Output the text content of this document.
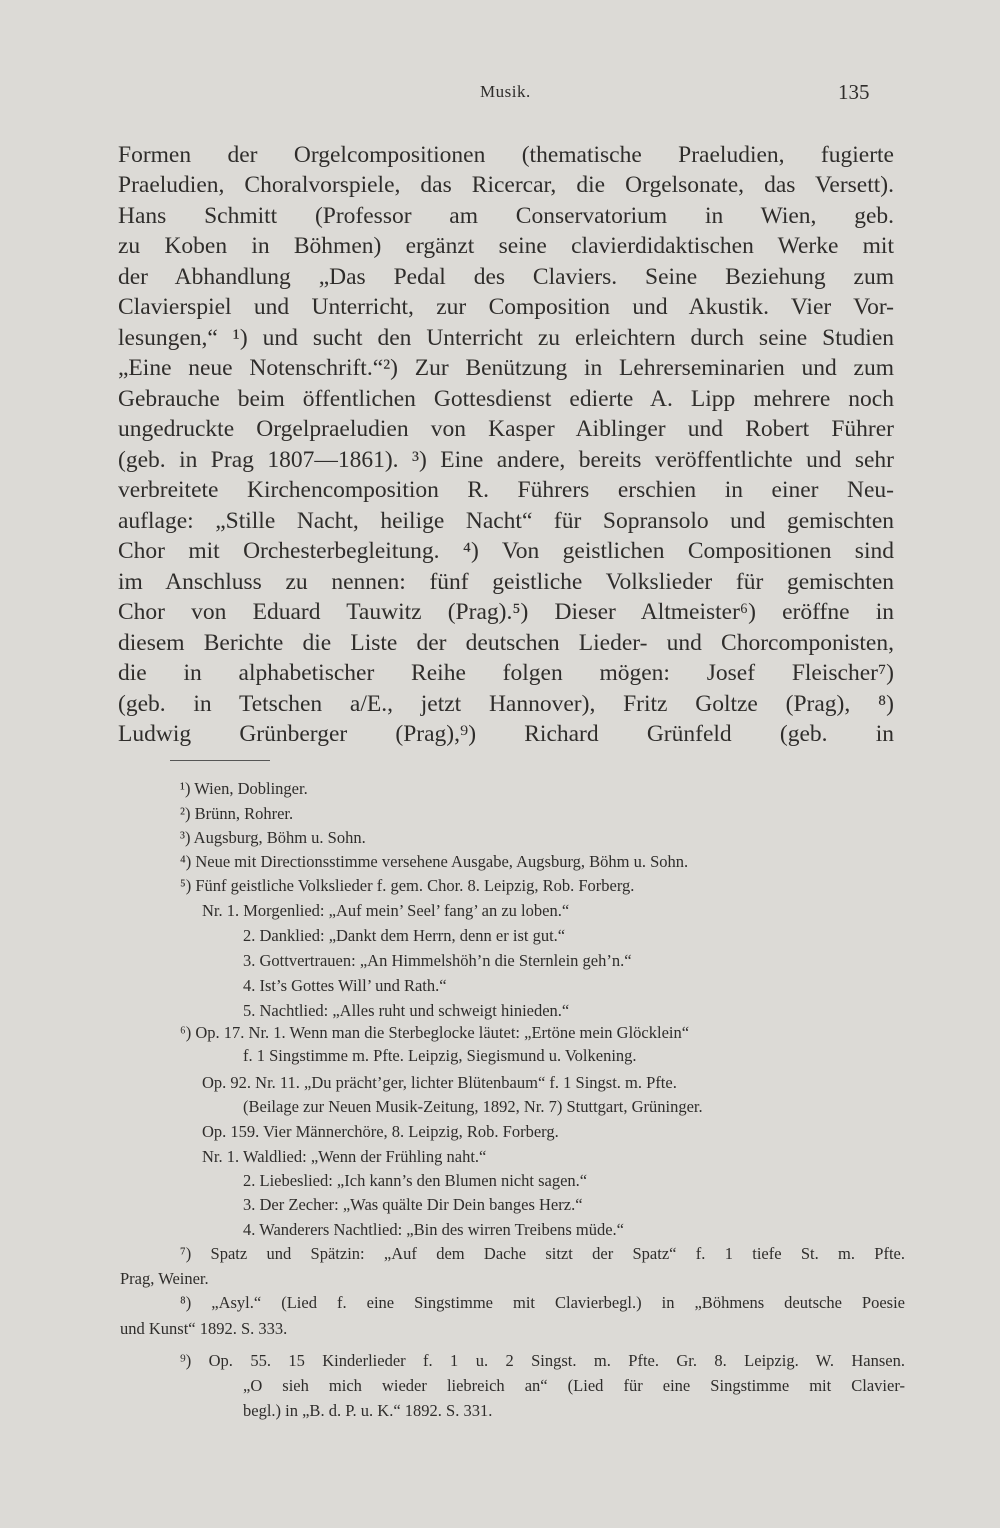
Musik.	135
Formen der Orgelcompositionen (thematische Praeludien, fugierte
Praeludien, Choralvorspiele, das Ricercar, die Orgelsonate, das Versett).
Hans Schmitt (Professor am Conservatorium in Wien, geb.
zu Koben in Böhmen) ergänzt seine clavierdidaktischen Werke mit
der Abhandlung „Das Pedal des Claviers. Seine Beziehung zum
Clavierspiel und Unterricht, zur Composition und Akustik. Vier Vor-
lesungen,“ ¹) und sucht den Unterricht zu erleichtern durch seine Studien
„Eine neue Notenschrift.“²) Zur Benützung in Lehrerseminarien und zum
Gebrauche beim öffentlichen Gottesdienst edierte A. Lipp mehrere noch
ungedruckte Orgelpraeludien von Kasper Aiblinger und Robert Führer
(geb. in Prag 1807—1861). ³) Eine andere, bereits veröffentlichte und sehr
verbreitete Kirchencomposition R. Führers erschien in einer Neu-
auflage: „Stille Nacht, heilige Nacht“ für Sopransolo und gemischten
Chor mit Orchesterbegleitung. ⁴) Von geistlichen Compositionen sind
im Anschluss zu nennen: fünf geistliche Volkslieder für gemischten
Chor von Eduard Tauwitz (Prag).⁵) Dieser Altmeister⁶) eröffne in
diesem Berichte die Liste der deutschen Lieder- und Chorcomponisten,
die in alphabetischer Reihe folgen mögen: Josef Fleischer⁷)
(geb. in Tetschen a/E., jetzt Hannover), Fritz Goltze (Prag), ⁸)
Ludwig Grünberger (Prag),⁹) Richard Grünfeld (geb. in
¹) Wien, Doblinger.
²) Brünn, Rohrer.
³) Augsburg, Böhm u. Sohn.
⁴) Neue mit Directionsstimme versehene Ausgabe, Augsburg, Böhm u. Sohn.
⁵) Fünf geistliche Volkslieder f. gem. Chor. 8. Leipzig, Rob. Forberg.
Nr. 1. Morgenlied: „Auf mein’ Seel’ fang’ an zu loben.“
2. Danklied: „Dankt dem Herrn, denn er ist gut.“
3. Gottvertrauen: „An Himmelshöh’n die Sternlein geh’n.“
4. Ist’s Gottes Will’ und Rath.“
5. Nachtlied: „Alles ruht und schweigt hinieden.“
⁶) Op. 17. Nr. 1. Wenn man die Sterbeglocke läutet: „Ertöne mein Glöcklein“
f. 1 Singstimme m. Pfte. Leipzig, Siegismund u. Volkening.
Op. 92. Nr. 11. „Du prächt’ger, lichter Blütenbaum“ f. 1 Singst. m. Pfte.
(Beilage zur Neuen Musik-Zeitung, 1892, Nr. 7) Stuttgart, Grüninger.
Op. 159. Vier Männerchöre, 8. Leipzig, Rob. Forberg.
Nr. 1. Waldlied: „Wenn der Frühling naht.“
2. Liebeslied: „Ich kann’s den Blumen nicht sagen.“
3. Der Zecher: „Was quälte Dir Dein banges Herz.“
4. Wanderers Nachtlied: „Bin des wirren Treibens müde.“
⁷) Spatz und Spätzin: „Auf dem Dache sitzt der Spatz“ f. 1 tiefe St. m. Pfte.
Prag, Weiner.
⁸) „Asyl.“ (Lied f. eine Singstimme mit Clavierbegl.) in „Böhmens deutsche Poesie
und Kunst“ 1892. S. 333.
⁹) Op. 55. 15 Kinderlieder f. 1 u. 2 Singst. m. Pfte. Gr. 8. Leipzig. W. Hansen.
„O sieh mich wieder liebreich an“ (Lied für eine Singstimme mit Clavier-
begl.) in „B. d. P. u. K.“ 1892. S. 331.
